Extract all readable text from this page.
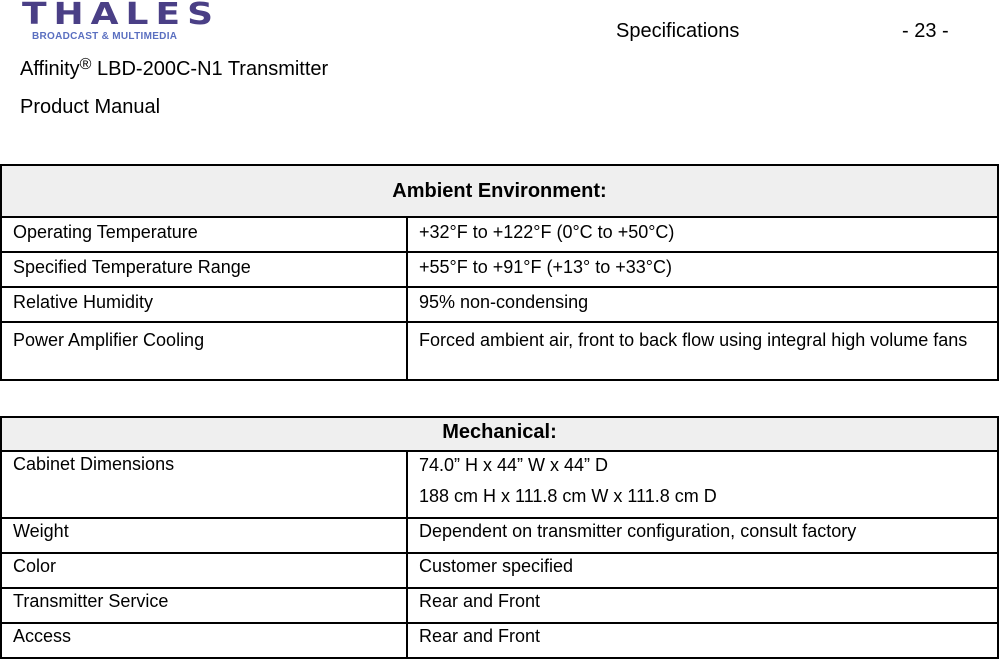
THALES
BROADCAST & MULTIMEDIA	Specifications	- 23 -
Affinity® LBD-200C-N1 Transmitter
Product Manual
Ambient Environment:	
Operating Temperature	+32°F to +122°F (0°C to +50°C)
Specified Temperature Range	+55°F to +91°F (+13° to +33°C)
Relative Humidity	95% non-condensing
Power Amplifier Cooling	Forced ambient air, front to back flow using integral high volume fans
Mechanical:	
Cabinet Dimensions	74.0” H x 44” W x 44” D
188 cm H x 111.8 cm W x 111.8 cm D

Weight	Dependent on transmitter configuration, consult factory
Color	Customer specified
Transmitter Service	Rear and Front
Access	Rear and Front
